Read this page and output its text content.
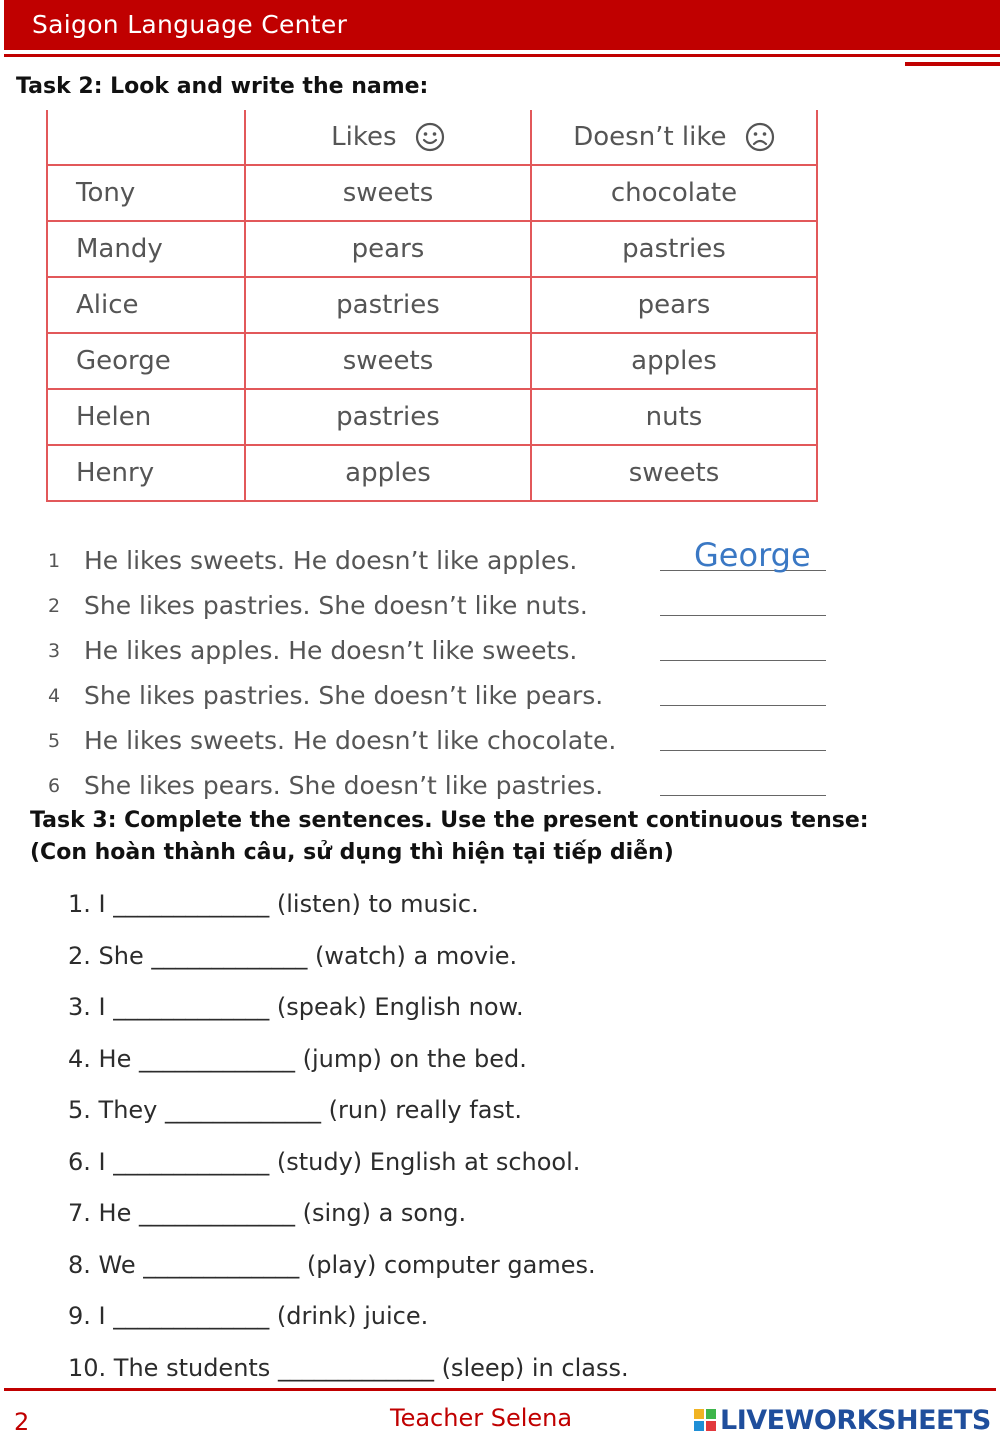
Saigon Language Center
Task 2: Look and write the name:
	Likes	Doesn’t like
Tony	sweets	chocolate
Mandy	pears	pastries
Alice	pastries	pears
George	sweets	apples
Helen	pastries	nuts
Henry	apples	sweets
1 He likes sweets. He doesn’t like apples.	George
2 She likes pastries. She doesn’t like nuts.
3 He likes apples. He doesn’t like sweets.
4 She likes pastries. She doesn’t like pears.
5 He likes sweets. He doesn’t like chocolate.
6 She likes pears. She doesn’t like pastries.
Task 3: Complete the sentences. Use the present continuous tense:
(Con hoàn thành câu, sử dụng thì hiện tại tiếp diễn)
1. I _____________ (listen) to music.
2. She _____________ (watch) a movie.
3. I _____________ (speak) English now.
4. He _____________ (jump) on the bed.
5. They _____________ (run) really fast.
6. I _____________ (study) English at school.
7. He _____________ (sing) a song.
8. We _____________ (play) computer games.
9. I _____________ (drink) juice.
10. The students _____________ (sleep) in class.
2	Teacher Selena	LIVEWORKSHEETS
